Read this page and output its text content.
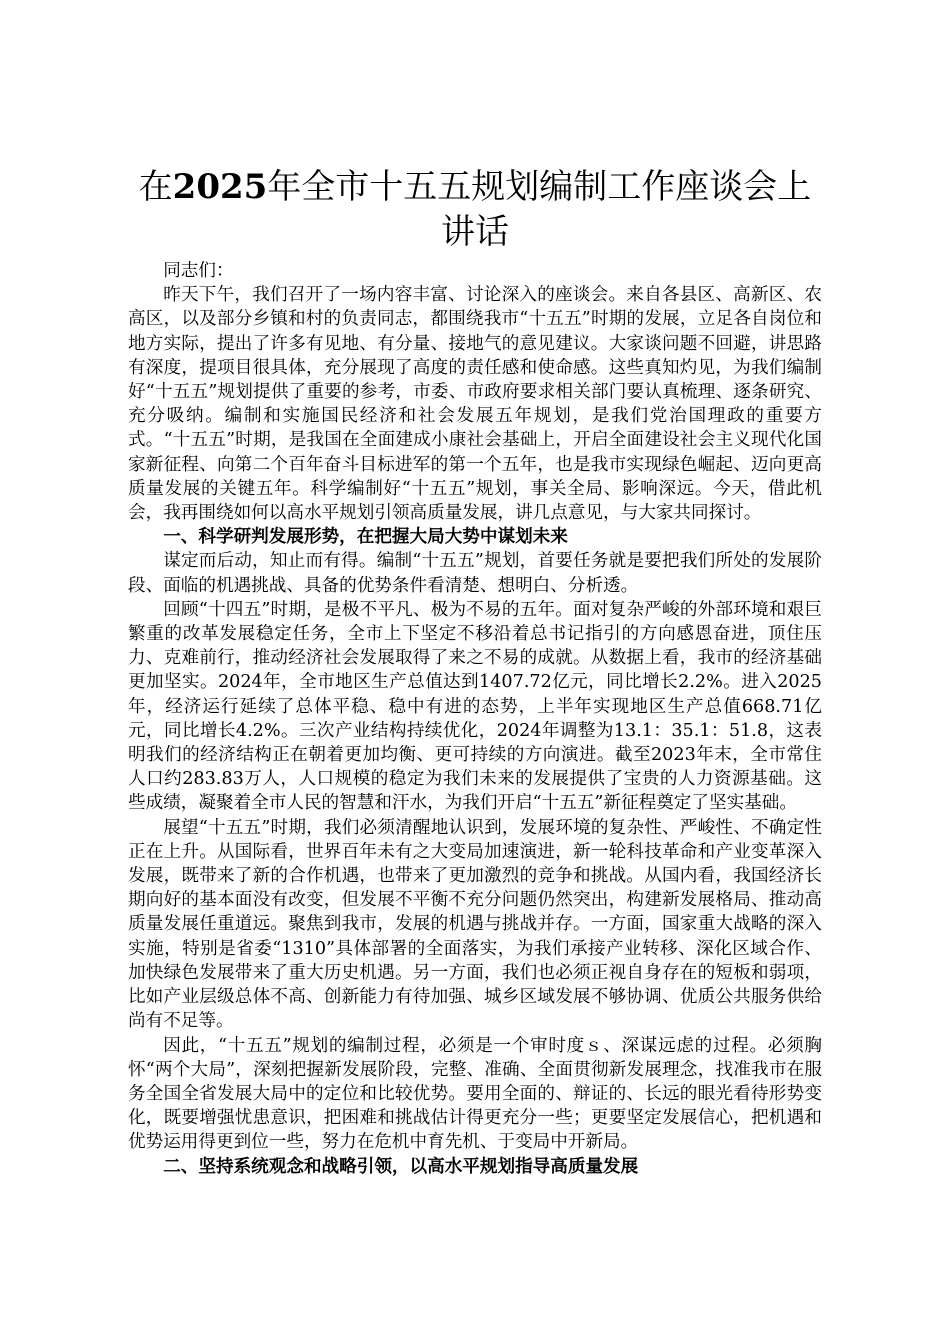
在2025年全市十五五规划编制工作座谈会上讲话

同志们：

昨天下午，我们召开了一场内容丰富、讨论深入的座谈会。来自各县区、高新区、农高区，以及部分乡镇和村的负责同志，都围绕我市“十五五”时期的发展，立足各自岗位和地方实际，提出了许多有见地、有分量、接地气的意见建议。大家谈问题不回避，讲思路有深度，提项目很具体，充分展现了高度的责任感和使命感。这些真知灼见，为我们编制好“十五五”规划提供了重要的参考，市委、市政府要求相关部门要认真梳理、逐条研究、充分吸纳。编制和实施国民经济和社会发展五年规划，是我们党治国理政的重要方式。“十五五”时期，是我国在全面建成小康社会基础上，开启全面建设社会主义现代化国家新征程、向第二个百年奋斗目标进军的第一个五年，也是我市实现绿色崛起、迈向更高质量发展的关键五年。科学编制好“十五五”规划，事关全局、影响深远。今天，借此机会，我再围绕如何以高水平规划引领高质量发展，讲几点意见，与大家共同探讨。

一、科学研判发展形势，在把握大局大势中谋划未来

谋定而后动，知止而有得。编制“十五五”规划，首要任务就是要把我们所处的发展阶段、面临的机遇挑战、具备的优势条件看清楚、想明白、分析透。

回顾“十四五”时期，是极不平凡、极为不易的五年。面对复杂严峻的外部环境和艰巨繁重的改革发展稳定任务，全市上下坚定不移沿着总书记指引的方向感恩奋进，顶住压力、克难前行，推动经济社会发展取得了来之不易的成就。从数据上看，我市的经济基础更加坚实。2024年，全市地区生产总值达到1407.72亿元，同比增长2.2%。进入2025年，经济运行延续了总体平稳、稳中有进的态势，上半年实现地区生产总值668.71亿元，同比增长4.2%。三次产业结构持续优化，2024年调整为13.1：35.1：51.8，这表明我们的经济结构正在朝着更加均衡、更可持续的方向演进。截至2023年末，全市常住人口约283.83万人，人口规模的稳定为我们未来的发展提供了宝贵的人力资源基础。这些成绩，凝聚着全市人民的智慧和汗水，为我们开启“十五五”新征程奠定了坚实基础。

展望“十五五”时期，我们必须清醒地认识到，发展环境的复杂性、严峻性、不确定性正在上升。从国际看，世界百年未有之大变局加速演进，新一轮科技革命和产业变革深入发展，既带来了新的合作机遇，也带来了更加激烈的竞争和挑战。从国内看，我国经济长期向好的基本面没有改变，但发展不平衡不充分问题仍然突出，构建新发展格局、推动高质量发展任重道远。聚焦到我市，发展的机遇与挑战并存。一方面，国家重大战略的深入实施，特别是省委“1310”具体部署的全面落实，为我们承接产业转移、深化区域合作、加快绿色发展带来了重大历史机遇。另一方面，我们也必须正视自身存在的短板和弱项，比如产业层级总体不高、创新能力有待加强、城乡区域发展不够协调、优质公共服务供给尚有不足等。

因此，“十五五”规划的编制过程，必须是一个审时度ｓ、深谋远虑的过程。必须胸怀“两个大局”，深刻把握新发展阶段，完整、准确、全面贯彻新发展理念，找准我市在服务全国全省发展大局中的定位和比较优势。要用全面的、辩证的、长远的眼光看待形势变化，既要增强忧患意识，把困难和挑战估计得更充分一些；更要坚定发展信心，把机遇和优势运用得更到位一些，努力在危机中育先机、于变局中开新局。

二、坚持系统观念和战略引领，以高水平规划指导高质量发展
